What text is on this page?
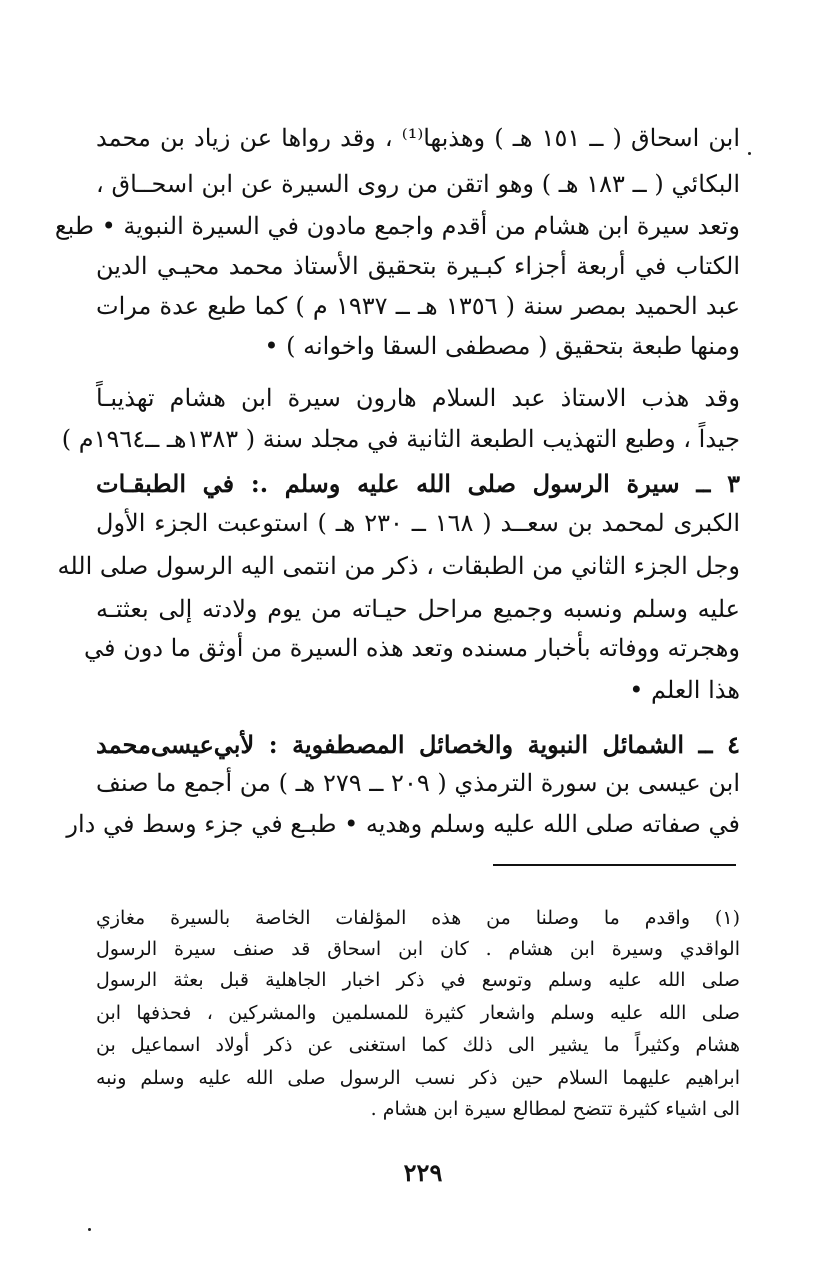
ابن اسحاق ( ــ ١٥١ هـ ) وهذبها⁽¹⁾ ، وقد رواها عن زياد بن محمد
البكائي ( ــ ١٨٣ هـ ) وهو اتقن من روى السيرة عن ابن اسحــاق ،
وتعد سيرة ابن هشام من أقدم واجمع مادون في السيرة النبوية • طبع
الكتاب في أربعة أجزاء كبـيرة بتحقيق الأستاذ محمد محيـي الدين
عبد الحميد بمصر سنة ( ١٣٥٦ هـ ــ ١٩٣٧ م ) كما طبع عدة مرات
ومنها طبعة بتحقيق ( مصطفى السقا واخوانه ) •
وقد هذب الاستاذ عبد السلام هارون سيرة ابن هشام تهذيبـاً
جيداً ، وطبع التهذيب الطبعة الثانية في مجلد سنة ( ١٣٨٣هـ ــ١٩٦٤م )
٣ ــ سيرة الرسول صلى الله عليه وسلم .: في الطبقـات
الكبرى لمحمد بن سعــد ( ١٦٨ ــ ٢٣٠ هـ ) استوعبت الجزء الأول
وجل الجزء الثاني من الطبقات ، ذكر من انتمى اليه الرسول صلى الله
عليه وسلم ونسبه وجميع مراحل حيـاته من يوم ولادته إلى بعثتـه
وهجرته ووفاته بأخبار مسنده وتعد هذه السيرة من أوثق ما دون في
هذا العلم •
٤ ــ الشمائل النبوية والخصائل المصطفوية : لأبي‌عيسى‌محمد
ابن عيسى بن سورة الترمذي ( ٢٠٩ ــ ٢٧٩ هـ ) من أجمع ما صنف
في صفاته صلى الله عليه وسلم وهديه • طبـع في جزء وسط في دار
(١) واقدم ما وصلنا من هذه المؤلفات الخاصة بالسيرة مغازي
الواقدي وسيرة ابن هشام . كان ابن اسحاق قد صنف سيرة الرسول
صلى الله عليه وسلم وتوسع في ذكر اخبار الجاهلية قبل بعثة الرسول
صلى الله عليه وسلم واشعار كثيرة للمسلمين والمشركين ، فحذفها ابن
هشام وكثيراً ما يشير الى ذلك كما استغنى عن ذكر أولاد اسماعيل بن
ابراهيم عليهما السلام حين ذكر نسب الرسول صلى الله عليه وسلم ونبه
الى اشياء كثيرة تتضح لمطالع سيرة ابن هشام .
٢٢٩
